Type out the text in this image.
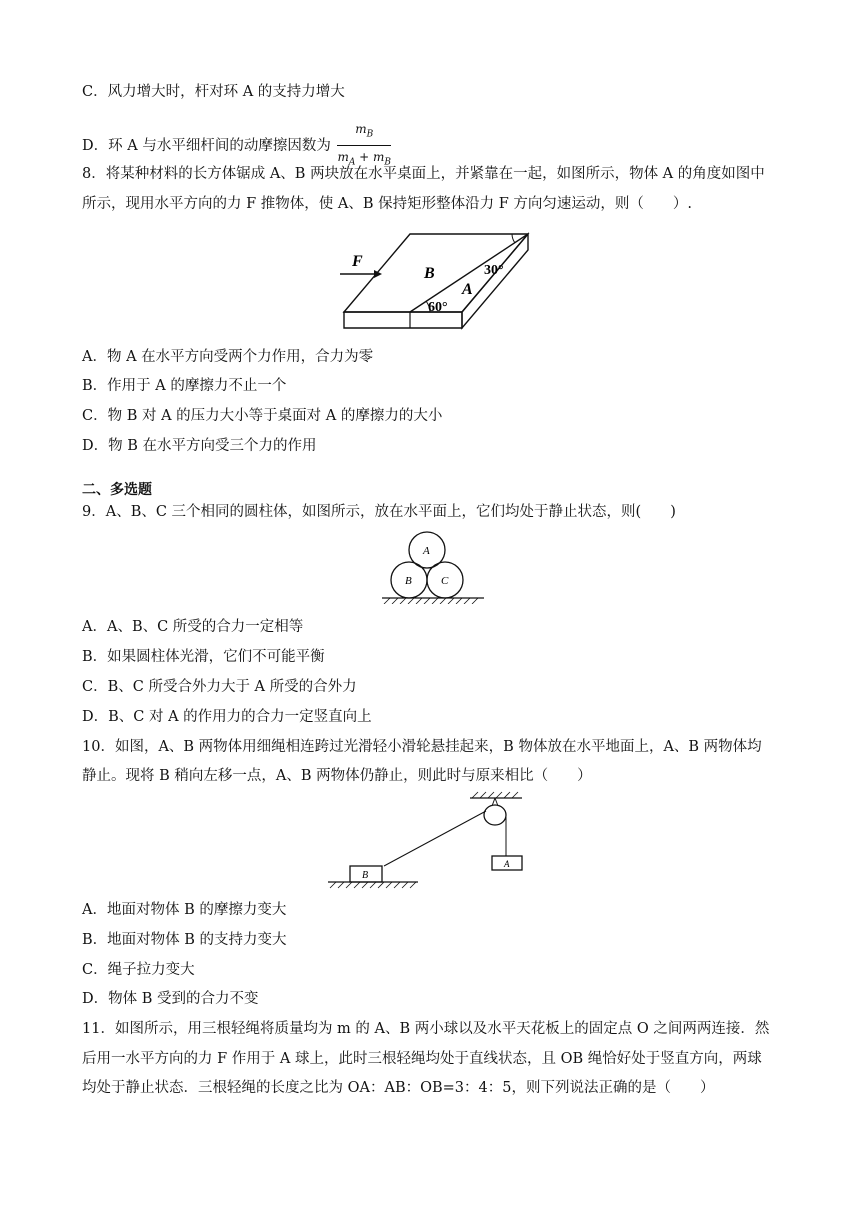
C．风力增大时，杆对环 A 的支持力增大
D．环 A 与水平细杆间的动摩擦因数为 $\frac{m_B}{m_A + m_B}$
8．将某种材料的长方体锯成 A、B 两块放在水平桌面上，并紧靠在一起，如图所示，物体 A 的角度如图中
所示，现用水平方向的力 F 推物体，使 A、B 保持矩形整体沿力 F 方向匀速运动，则（　　）.
F
B
A
30°
60°
A．物 A 在水平方向受两个力作用，合力为零
B．作用于 A 的摩擦力不止一个
C．物 B 对 A 的压力大小等于桌面对 A 的摩擦力的大小
D．物 B 在水平方向受三个力的作用
二、多选题
9．A、B、C 三个相同的圆柱体，如图所示，放在水平面上，它们均处于静止状态，则(　　)
A
B	C
A．A、B、C 所受的合力一定相等
B．如果圆柱体光滑，它们不可能平衡
C．B、C 所受合外力大于 A 所受的合外力
D．B、C 对 A 的作用力的合力一定竖直向上
10．如图，A、B 两物体用细绳相连跨过光滑轻小滑轮悬挂起来，B 物体放在水平地面上，A、B 两物体均
静止。现将 B 稍向左移一点，A、B 两物体仍静止，则此时与原来相比（　　）
A
B
A．地面对物体 B 的摩擦力变大
B．地面对物体 B 的支持力变大
C．绳子拉力变大
D．物体 B 受到的合力不变
11．如图所示，用三根轻绳将质量均为 m 的 A、B 两小球以及水平天花板上的固定点 O 之间两两连接．然
后用一水平方向的力 F 作用于 A 球上，此时三根轻绳均处于直线状态，且 OB 绳恰好处于竖直方向，两球
均处于静止状态．三根轻绳的长度之比为 OA：AB：OB=3：4：5，则下列说法正确的是（　　）
